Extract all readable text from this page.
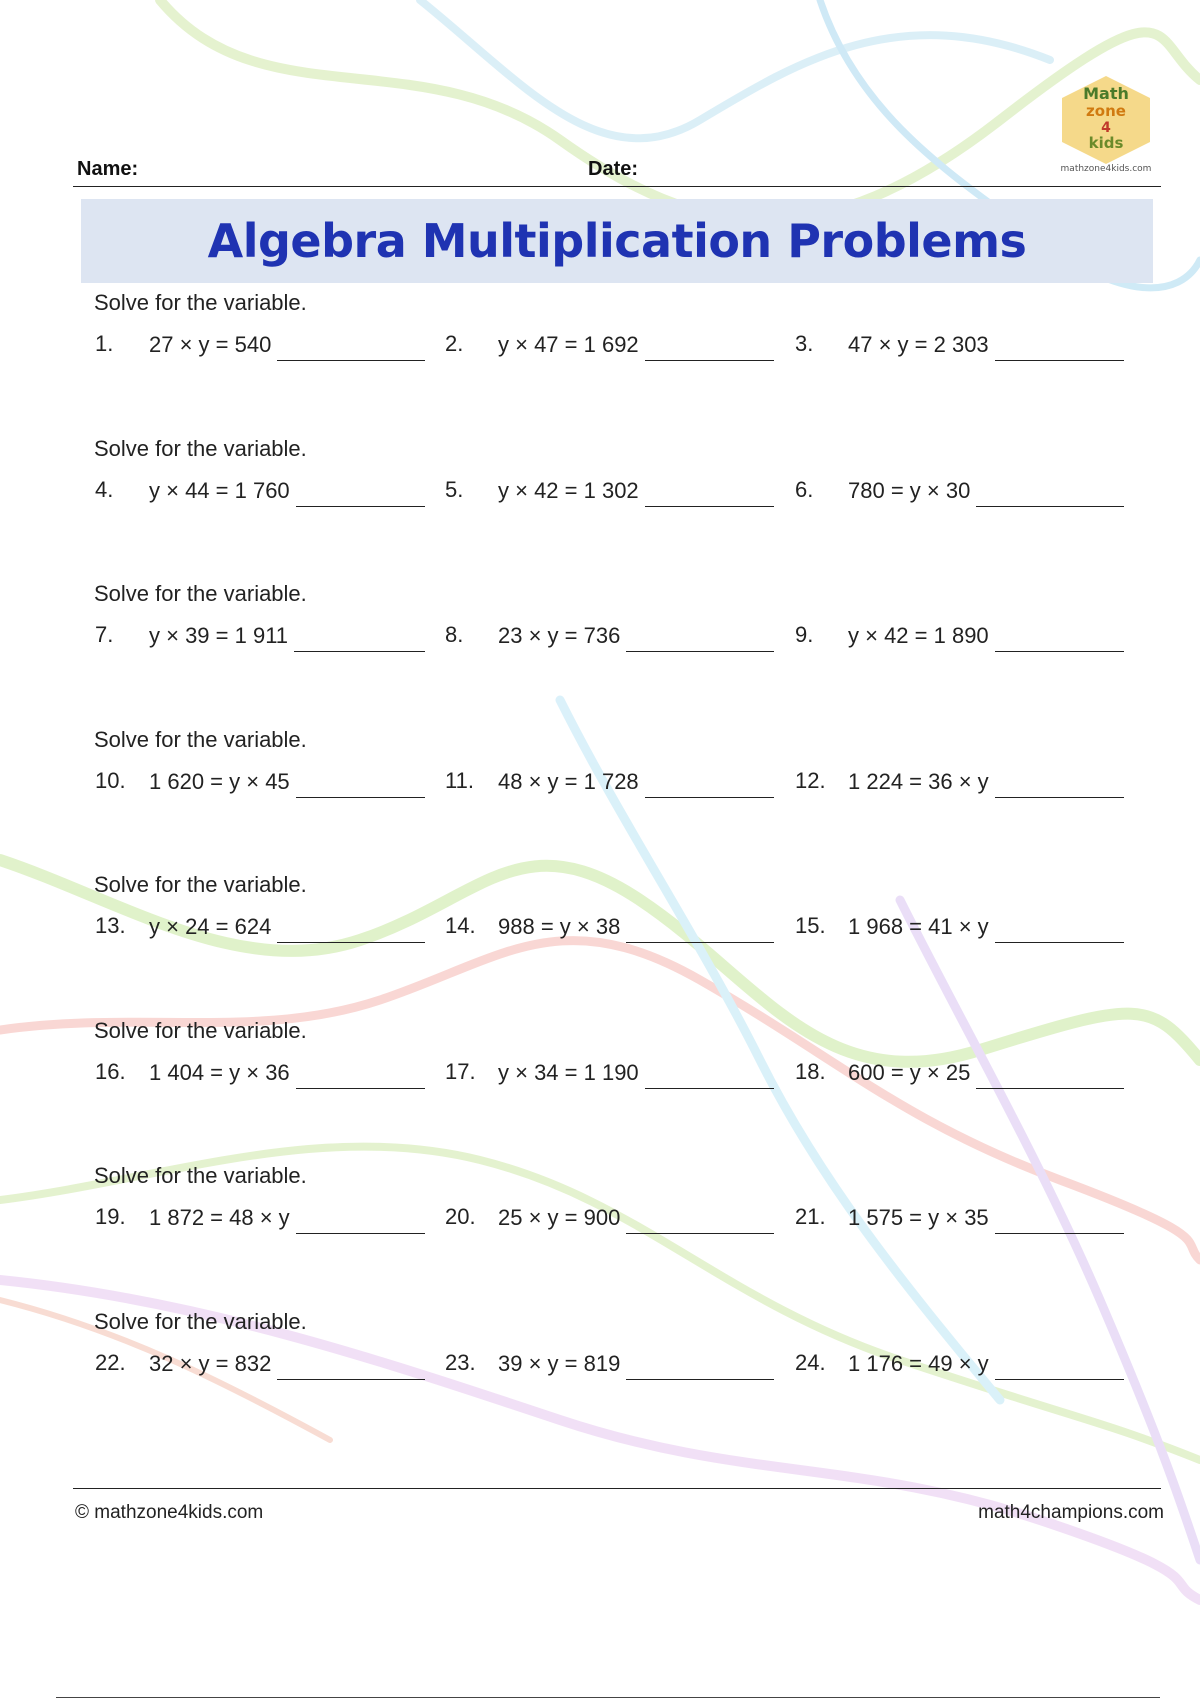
Math
zone
4
kids
mathzone4kids.com
Name:	Date:
Algebra Multiplication Problems
Solve for the variable.
1. 27 × y = 540	2. y × 47 = 1 692	3. 47 × y = 2 303
Solve for the variable.
4. y × 44 = 1 760	5. y × 42 = 1 302	6. 780 = y × 30
Solve for the variable.
7. y × 39 = 1 911	8. 23 × y = 736	9. y × 42 = 1 890
Solve for the variable.
10. 1 620 = y × 45	11. 48 × y = 1 728	12. 1 224 = 36 × y
Solve for the variable.
13. y × 24 = 624	14. 988 = y × 38	15. 1 968 = 41 × y
Solve for the variable.
16. 1 404 = y × 36	17. y × 34 = 1 190	18. 600 = y × 25
Solve for the variable.
19. 1 872 = 48 × y	20. 25 × y = 900	21. 1 575 = y × 35
Solve for the variable.
22. 32 × y = 832	23. 39 × y = 819	24. 1 176 = 49 × y
© mathzone4kids.com	math4champions.com
